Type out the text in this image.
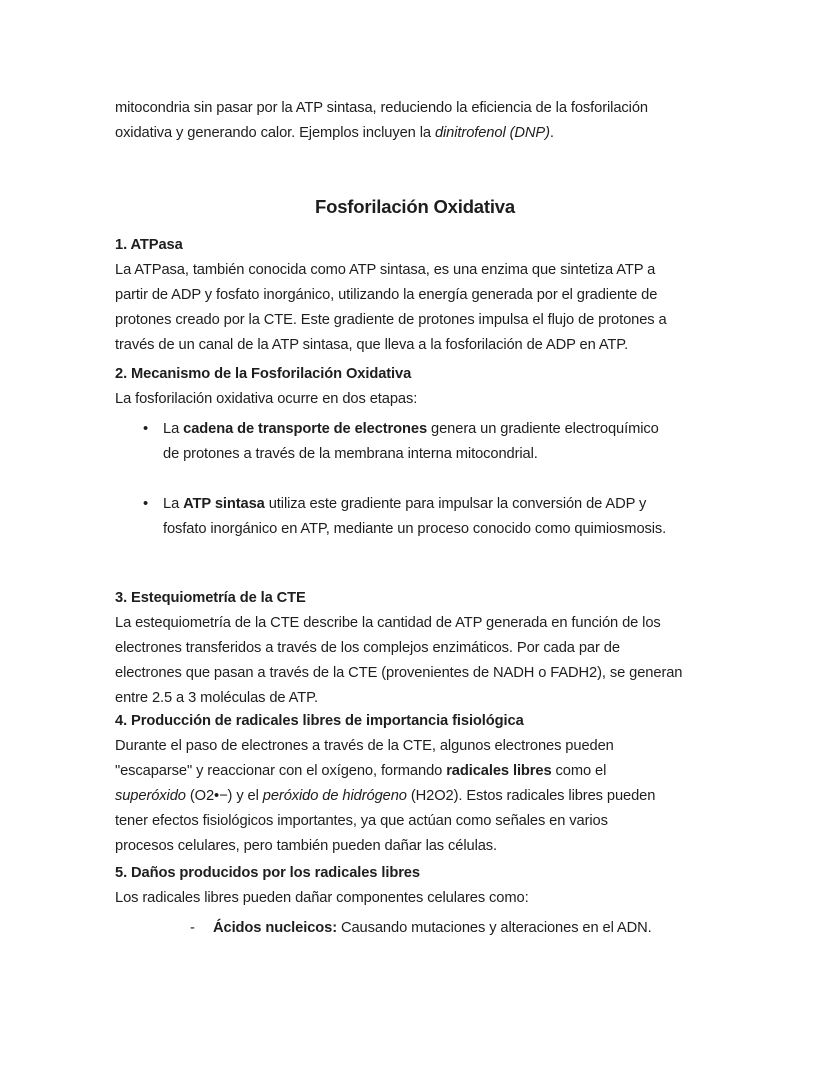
mitocondria sin pasar por la ATP sintasa, reduciendo la eficiencia de la fosforilación
oxidativa y generando calor. Ejemplos incluyen la dinitrofenol (DNP).
Fosforilación Oxidativa
1. ATPasa
La ATPasa, también conocida como ATP sintasa, es una enzima que sintetiza ATP a
partir de ADP y fosfato inorgánico, utilizando la energía generada por el gradiente de
protones creado por la CTE. Este gradiente de protones impulsa el flujo de protones a
través de un canal de la ATP sintasa, que lleva a la fosforilación de ADP en ATP.
2. Mecanismo de la Fosforilación Oxidativa
La fosforilación oxidativa ocurre en dos etapas:
•	La cadena de transporte de electrones genera un gradiente electroquímico
de protones a través de la membrana interna mitocondrial.
•	La ATP sintasa utiliza este gradiente para impulsar la conversión de ADP y
fosfato inorgánico en ATP, mediante un proceso conocido como quimiosmosis.
3. Estequiometría de la CTE
La estequiometría de la CTE describe la cantidad de ATP generada en función de los
electrones transferidos a través de los complejos enzimáticos. Por cada par de
electrones que pasan a través de la CTE (provenientes de NADH o FADH2), se generan
entre 2.5 a 3 moléculas de ATP.
4. Producción de radicales libres de importancia fisiológica
Durante el paso de electrones a través de la CTE, algunos electrones pueden
"escaparse" y reaccionar con el oxígeno, formando radicales libres como el
superóxido (O2•−) y el peróxido de hidrógeno (H2O2). Estos radicales libres pueden
tener efectos fisiológicos importantes, ya que actúan como señales en varios
procesos celulares, pero también pueden dañar las células.
5. Daños producidos por los radicales libres
Los radicales libres pueden dañar componentes celulares como:
-	Ácidos nucleicos: Causando mutaciones y alteraciones en el ADN.
